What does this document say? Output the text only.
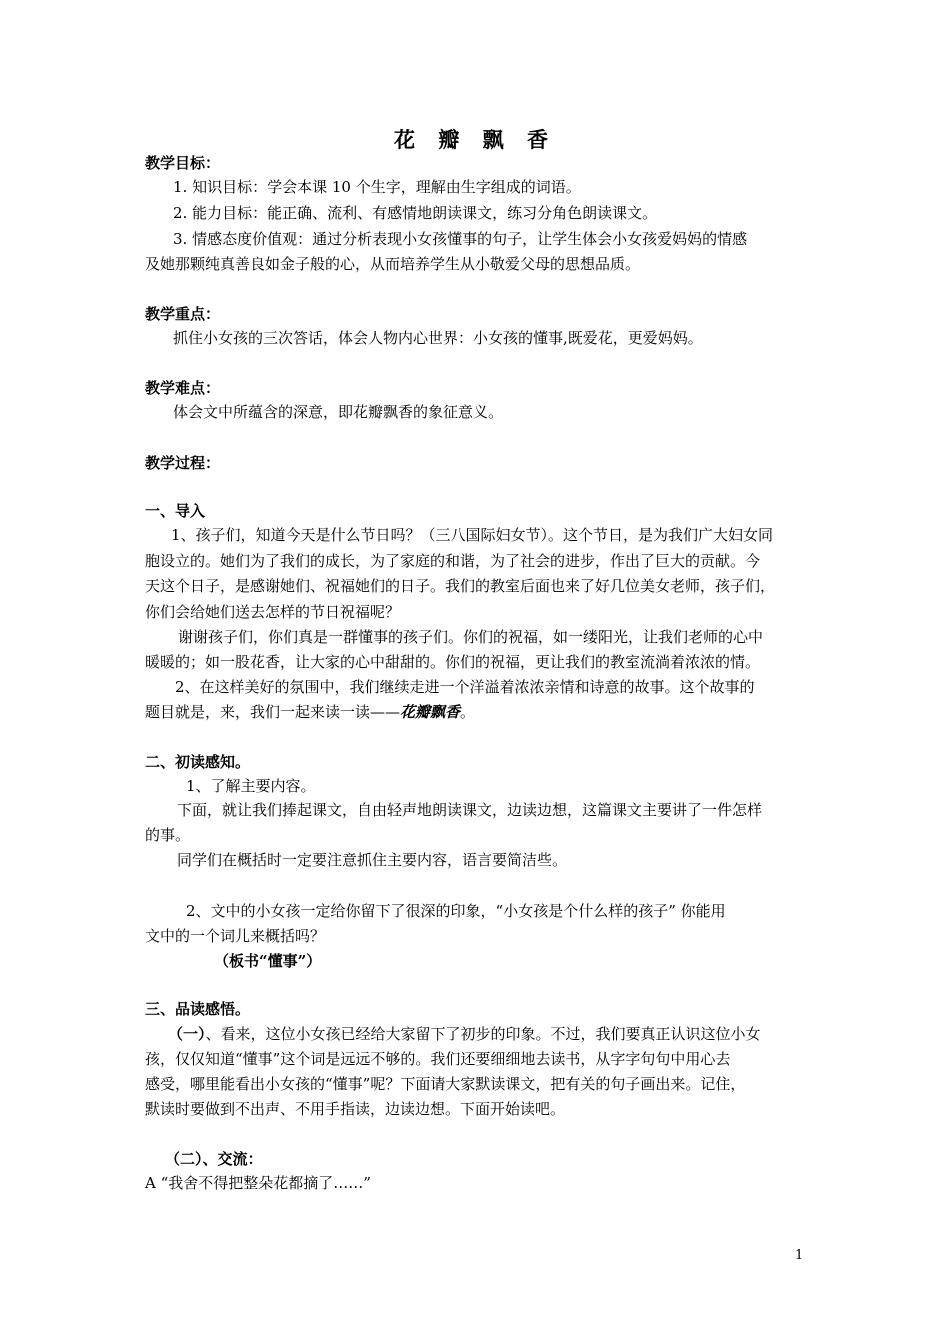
花 瓣 飘 香
教学目标：
1. 知识目标：学会本课 10 个生字，理解由生字组成的词语。
2. 能力目标：能正确、流利、有感情地朗读课文，练习分角色朗读课文。
3. 情感态度价值观：通过分析表现小女孩懂事的句子，让学生体会小女孩爱妈妈的情感
及她那颗纯真善良如金子般的心，从而培养学生从小敬爱父母的思想品质。
教学重点：
抓住小女孩的三次答话，体会人物内心世界：小女孩的懂事,既爱花，更爱妈妈。
教学难点：
体会文中所蕴含的深意，即花瓣飘香的象征意义。
教学过程：
一、导入
1、孩子们，知道今天是什么节日吗？（三八国际妇女节）。这个节日，是为我们广大妇女同
胞设立的。她们为了我们的成长，为了家庭的和谐，为了社会的进步，作出了巨大的贡献。今
天这个日子，是感谢她们、祝福她们的日子。我们的教室后面也来了好几位美女老师，孩子们，
你们会给她们送去怎样的节日祝福呢？
谢谢孩子们，你们真是一群懂事的孩子们。你们的祝福，如一缕阳光，让我们老师的心中
暖暖的；如一股花香，让大家的心中甜甜的。你们的祝福，更让我们的教室流淌着浓浓的情。
2、在这样美好的氛围中，我们继续走进一个洋溢着浓浓亲情和诗意的故事。这个故事的
题目就是，来，我们一起来读一读——花瓣飘香。
二、初读感知。
1、了解主要内容。
下面，就让我们捧起课文，自由轻声地朗读课文，边读边想，这篇课文主要讲了一件怎样
的事。
同学们在概括时一定要注意抓住主要内容，语言要简洁些。
2、文中的小女孩一定给你留下了很深的印象，“小女孩是个什么样的孩子” 你能用
文中的一个词儿来概括吗？
（板书“懂事”）
三、品读感悟。
（一）、看来，这位小女孩已经给大家留下了初步的印象。不过，我们要真正认识这位小女
孩，仅仅知道“懂事”这个词是远远不够的。我们还要细细地去读书，从字字句句中用心去
感受，哪里能看出小女孩的“懂事”呢？下面请大家默读课文，把有关的句子画出来。记住，
默读时要做到不出声、不用手指读，边读边想。下面开始读吧。
（二）、交流：
A “我舍不得把整朵花都摘了……”
1
